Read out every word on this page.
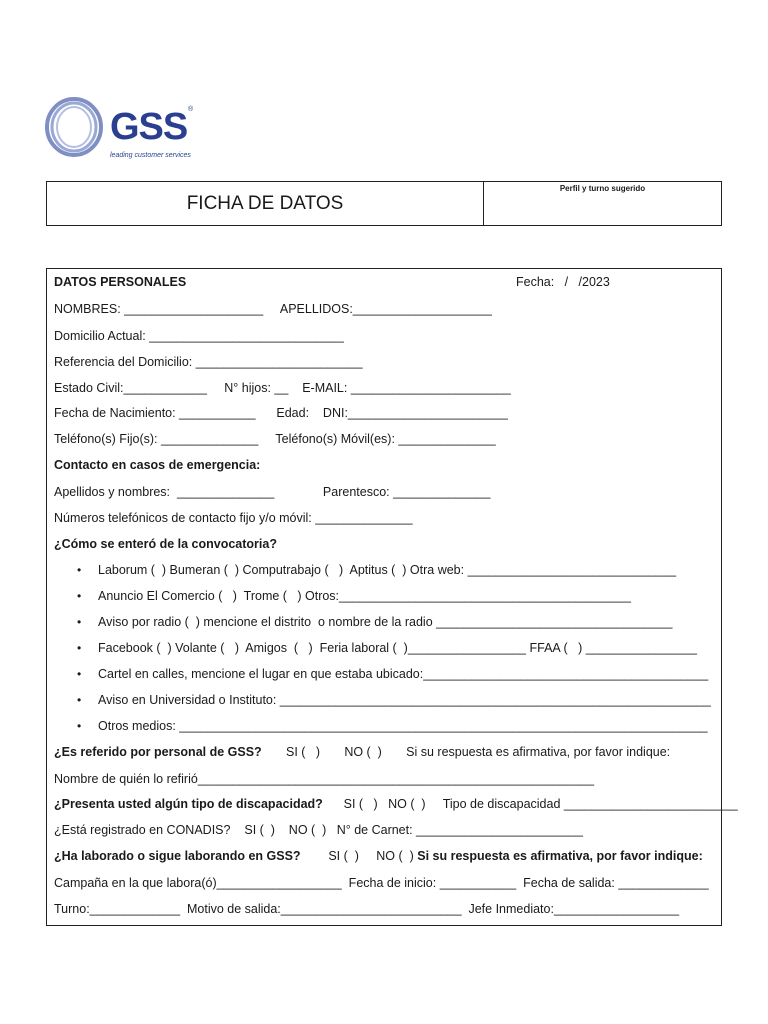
GSS ®
leading customer services
FICHA DE DATOS
Perfil y turno sugerido
DATOS PERSONALES	Fecha:   /   /2023
NOMBRES: ____________________     APELLIDOS:____________________
Domicilio Actual: ____________________________
Referencia del Domicilio: ________________________
Estado Civil:____________     N° hijos: __    E-MAIL: _______________________
Fecha de Nacimiento: ___________      Edad:    DNI:_______________________
Teléfono(s) Fijo(s): ______________     Teléfono(s) Móvil(es): ______________
Contacto en casos de emergencia:
Apellidos y nombres:  ______________              Parentesco: ______________
Números telefónicos de contacto fijo y/o móvil: ______________
¿Cómo se enteró de la convocatoria?
• Laborum (  ) Bumeran (  ) Computrabajo (   )  Aptitus (  ) Otra web: ______________________________
• Anuncio El Comercio (   )  Trome (   ) Otros:__________________________________________
• Aviso por radio (  ) mencione el distrito  o nombre de la radio __________________________________
• Facebook (  ) Volante (   )  Amigos  (   )  Feria laboral (  )_________________ FFAA (   ) ________________
• Cartel en calles, mencione el lugar en que estaba ubicado:_________________________________________
• Aviso en Universidad o Instituto: ______________________________________________________________
• Otros medios: ____________________________________________________________________________
¿Es referido por personal de GSS?       SI (   )       NO (  )       Si su respuesta es afirmativa, por favor indique:
Nombre de quién lo refirió_________________________________________________________
¿Presenta usted algún tipo de discapacidad?      SI (   )   NO (  )     Tipo de discapacidad _________________________
¿Está registrado en CONADIS?    SI (  )    NO (  )   N° de Carnet: ________________________
¿Ha laborado o sigue laborando en GSS?        SI (  )     NO (  ) Si su respuesta es afirmativa, por favor indique:
Campaña en la que labora(ó)__________________  Fecha de inicio: ___________  Fecha de salida: _____________
Turno:_____________  Motivo de salida:__________________________  Jefe Inmediato:__________________
